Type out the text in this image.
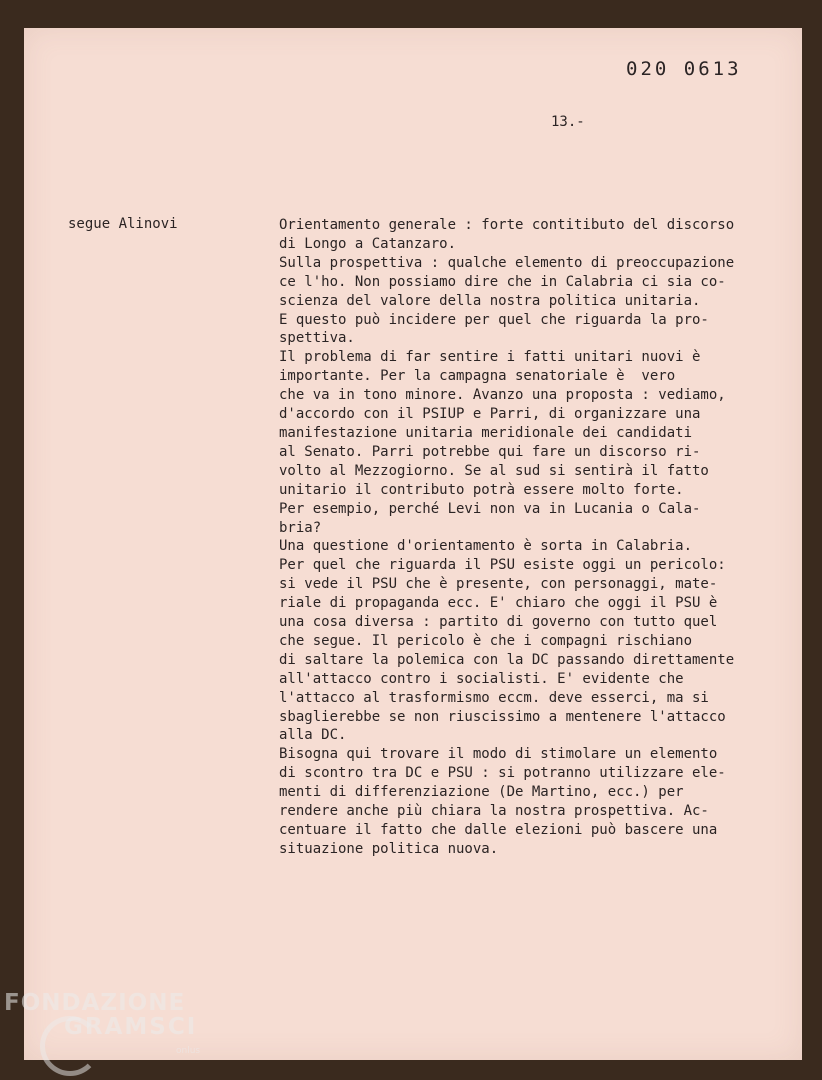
020 0613
13.-
segue Alinovi	Orientamento generale : forte contitibuto del discorso
di Longo a Catanzaro.
Sulla prospettiva : qualche elemento di preoccupazione
ce l'ho. Non possiamo dire che in Calabria ci sia co-
scienza del valore della nostra politica unitaria.
E questo può incidere per quel che riguarda la pro-
spettiva.
Il problema di far sentire i fatti unitari nuovi è
importante. Per la campagna senatoriale è  vero
che va in tono minore. Avanzo una proposta : vediamo,
d'accordo con il PSIUP e Parri, di organizzare una
manifestazione unitaria meridionale dei candidati
al Senato. Parri potrebbe qui fare un discorso ri-
volto al Mezzogiorno. Se al sud si sentirà il fatto
unitario il contributo potrà essere molto forte.
Per esempio, perché Levi non va in Lucania o Cala-
bria?
Una questione d'orientamento è sorta in Calabria.
Per quel che riguarda il PSU esiste oggi un pericolo:
si vede il PSU che è presente, con personaggi, mate-
riale di propaganda ecc. E' chiaro che oggi il PSU è
una cosa diversa : partito di governo con tutto quel
che segue. Il pericolo è che i compagni rischiano
di saltare la polemica con la DC passando direttamente
all'attacco contro i socialisti. E' evidente che
l'attacco al trasformismo eccm. deve esserci, ma si
sbaglierebbe se non riuscissimo a mentenere l'attacco
alla DC.
Bisogna qui trovare il modo di stimolare un elemento
di scontro tra DC e PSU : si potranno utilizzare ele-
menti di differenziazione (De Martino, ecc.) per
rendere anche più chiara la nostra prospettiva. Ac-
centuare il fatto che dalle elezioni può bascere una
situazione politica nuova.
FONDAZIONE
GRAMSCI
onlus
